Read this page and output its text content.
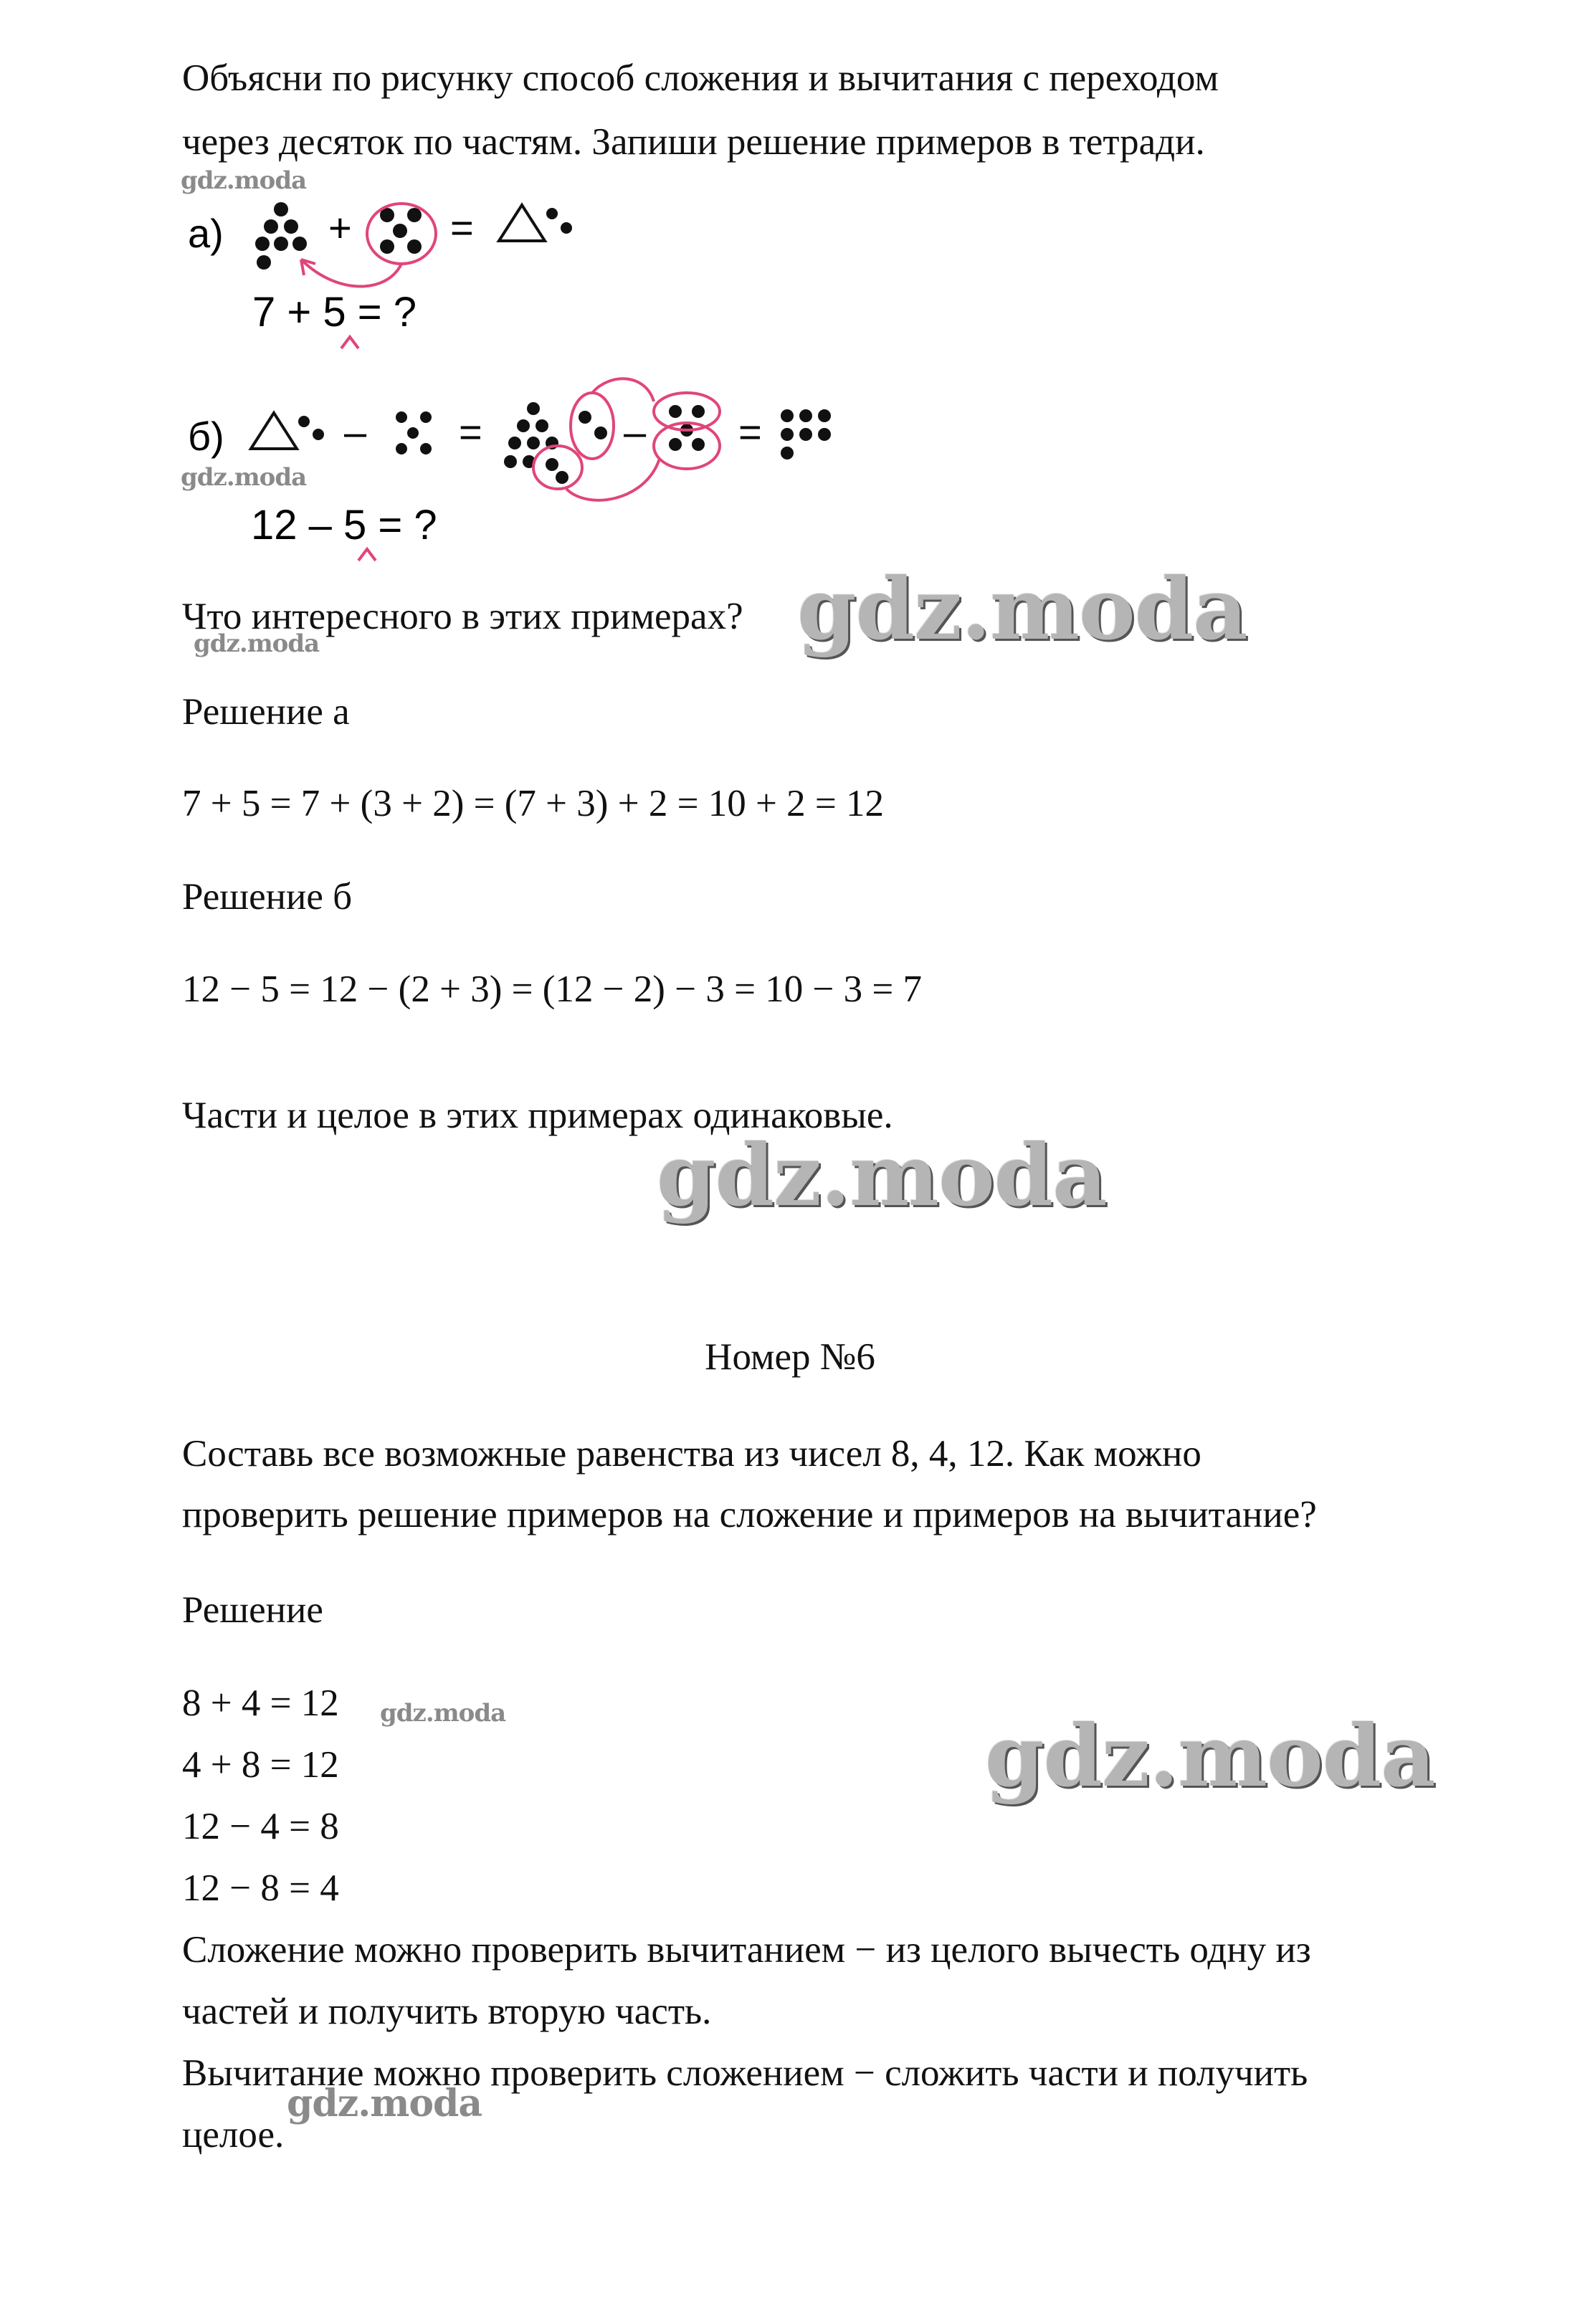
Объясни по рисунку способ сложения и вычитания с переходом

через десяток по частям. Запиши решение примеров в тетради.

а)	+ =
7 + 5 = ?
б)	– =	– =
12 – 5 = ?

Что интересного в этих примерах?

Решение а

7 + 5 = 7 + (3 + 2) = (7 + 3) + 2 = 10 + 2 = 12

Решение б

12 − 5 = 12 − (2 + 3) = (12 − 2) − 3 = 10 − 3 = 7

Части и целое в этих примерах одинаковые.

Номер №6

Составь все возможные равенства из чисел 8, 4, 12. Как можно

проверить решение примеров на сложение и примеров на вычитание?

Решение

8 + 4 = 12

4 + 8 = 12

12 − 4 = 8

12 − 8 = 4

Сложение можно проверить вычитанием − из целого вычесть одну из

частей и получить вторую часть.

Вычитание можно проверить сложением − сложить части и получить

целое.

gdz.moda
gdz.moda
gdz.moda	gdz.moda
gdz.moda
gdz.moda	gdz.moda
gdz.moda
